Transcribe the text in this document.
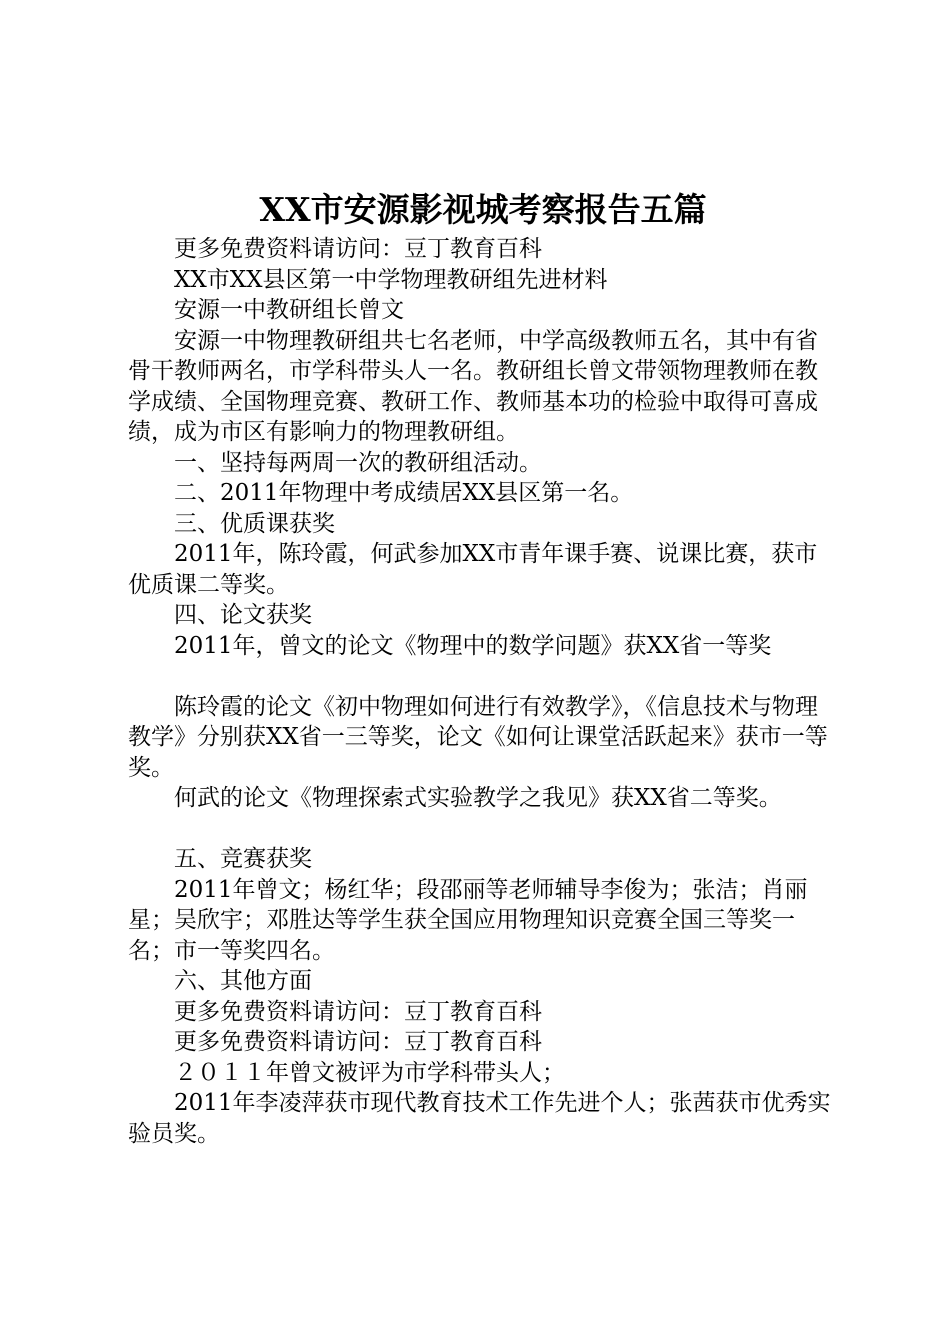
XX市安源影视城考察报告五篇

更多免费资料请访问：豆丁教育百科

XX市XX县区第一中学物理教研组先进材料

安源一中教研组长曾文

安源一中物理教研组共七名老师，中学高级教师五名，其中有省骨干教师两名，市学科带头人一名。教研组长曾文带领物理教师在教学成绩、全国物理竞赛、教研工作、教师基本功的检验中取得可喜成绩，成为市区有影响力的物理教研组。

一、坚持每两周一次的教研组活动。

二、2011年物理中考成绩居XX县区第一名。

三、优质课获奖

2011年，陈玲霞，何武参加XX市青年课手赛、说课比赛，获市优质课二等奖。

四、论文获奖

2011年，曾文的论文《物理中的数学问题》获XX省一等奖

陈玲霞的论文《初中物理如何进行有效教学》，《信息技术与物理教学》分别获XX省一三等奖，论文《如何让课堂活跃起来》获市一等奖。

何武的论文《物理探索式实验教学之我见》获XX省二等奖。

五、竞赛获奖

2011年曾文；杨红华；段邵丽等老师辅导李俊为；张洁；肖丽星；吴欣宇；邓胜达等学生获全国应用物理知识竞赛全国三等奖一名；市一等奖四名。

六、其他方面

更多免费资料请访问：豆丁教育百科

更多免费资料请访问：豆丁教育百科

２０１１年曾文被评为市学科带头人；

2011年李凌萍获市现代教育技术工作先进个人；张茜获市优秀实验员奖。
